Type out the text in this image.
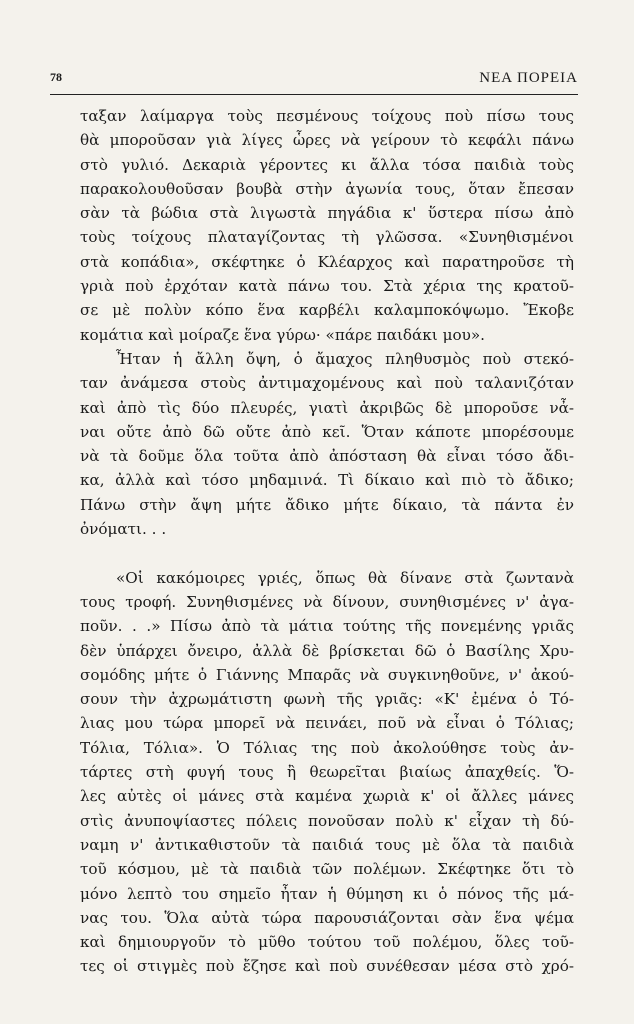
78	ΝΕΑ ΠΟΡΕΙΑ
ταξαν λαίμαργα τοὺς πεσμένους τοίχους ποὺ πίσω τους
θὰ μποροῦσαν γιὰ λίγες ὧρες νὰ γείρουν τὸ κεφάλι πάνω
στὸ γυλιό. Δεκαριὰ γέροντες κι ἄλλα τόσα παιδιὰ τοὺς
παρακολουθοῦσαν βουβὰ στὴν ἀγωνία τους, ὅταν ἔπεσαν
σὰν τὰ βώδια στὰ λιγωστὰ πηγάδια κ' ὕστερα πίσω ἀπὸ
τοὺς τοίχους πλαταγίζοντας τὴ γλῶσσα. «Συνηθισμένοι
στὰ κοπάδια», σκέφτηκε ὁ Κλέαρχος καὶ παρατηροῦσε τὴ
γριὰ ποὺ ἐρχόταν κατὰ πάνω του. Στὰ χέρια της κρατοῦ-
σε μὲ πολὺν κόπο ἕνα καρβέλι καλαμποκόψωμο. Ἔκοβε
κομάτια καὶ μοίραζε ἕνα γύρω· «πάρε παιδάκι μου».
Ἦταν ἡ ἄλλη ὄψη, ὁ ἄμαχος πληθυσμὸς ποὺ στεκό-
ταν ἀνάμεσα στοὺς ἀντιμαχομένους καὶ ποὺ ταλανιζόταν
καὶ ἀπὸ τὶς δύο πλευρές, γιατὶ ἀκριβῶς δὲ μποροῦσε νἆ-
ναι οὔτε ἀπὸ δῶ οὔτε ἀπὸ κεῖ. Ὅταν κάποτε μπορέσουμε
νὰ τὰ δοῦμε ὅλα τοῦτα ἀπὸ ἀπόσταση θὰ εἶναι τόσο ἄδι-
κα, ἀλλὰ καὶ τόσο μηδαμινά. Τὶ δίκαιο καὶ πιὸ τὸ ἄδικο;
Πάνω στὴν ἄψη μήτε ἄδικο μήτε δίκαιο, τὰ πάντα ἐν
ὀνόματι. . .
«Οἱ κακόμοιρες γριές, ὅπως θὰ δίνανε στὰ ζωντανὰ
τους τροφή. Συνηθισμένες νὰ δίνουν, συνηθισμένες ν' ἀγα-
ποῦν. . .» Πίσω ἀπὸ τὰ μάτια τούτης τῆς πονεμένης γριᾶς
δὲν ὑπάρχει ὄνειρο, ἀλλὰ δὲ βρίσκεται δῶ ὁ Βασίλης Χρυ-
σομόδης μήτε ὁ Γιάννης Μπαρᾶς νὰ συγκινηθοῦνε, ν' ἀκού-
σουν τὴν ἀχρωμάτιστη φωνὴ τῆς γριᾶς: «Κ' ἐμένα ὁ Τό-
λιας μου τώρα μπορεῖ νὰ πεινάει, ποῦ νὰ εἶναι ὁ Τόλιας;
Τόλια, Τόλια». Ὁ Τόλιας της ποὺ ἀκολούθησε τοὺς ἀν-
τάρτες στὴ φυγή τους ἢ θεωρεῖται βιαίως ἀπαχθείς. Ὅ-
λες αὐτὲς οἱ μάνες στὰ καμένα χωριὰ κ' οἱ ἄλλες μάνες
στὶς ἀνυποψίαστες πόλεις πονοῦσαν πολὺ κ' εἶχαν τὴ δύ-
ναμη ν' ἀντικαθιστοῦν τὰ παιδιά τους μὲ ὅλα τὰ παιδιὰ
τοῦ κόσμου, μὲ τὰ παιδιὰ τῶν πολέμων. Σκέφτηκε ὅτι τὸ
μόνο λεπτὸ του σημεῖο ἦταν ἡ θύμηση κι ὁ πόνος τῆς μά-
νας του. Ὅλα αὐτὰ τώρα παρουσιάζονται σὰν ἕνα ψέμα
καὶ δημιουργοῦν τὸ μῦθο τούτου τοῦ πολέμου, ὅλες τοῦ-
τες οἱ στιγμὲς ποὺ ἔζησε καὶ ποὺ συνέθεσαν μέσα στὸ χρό-
